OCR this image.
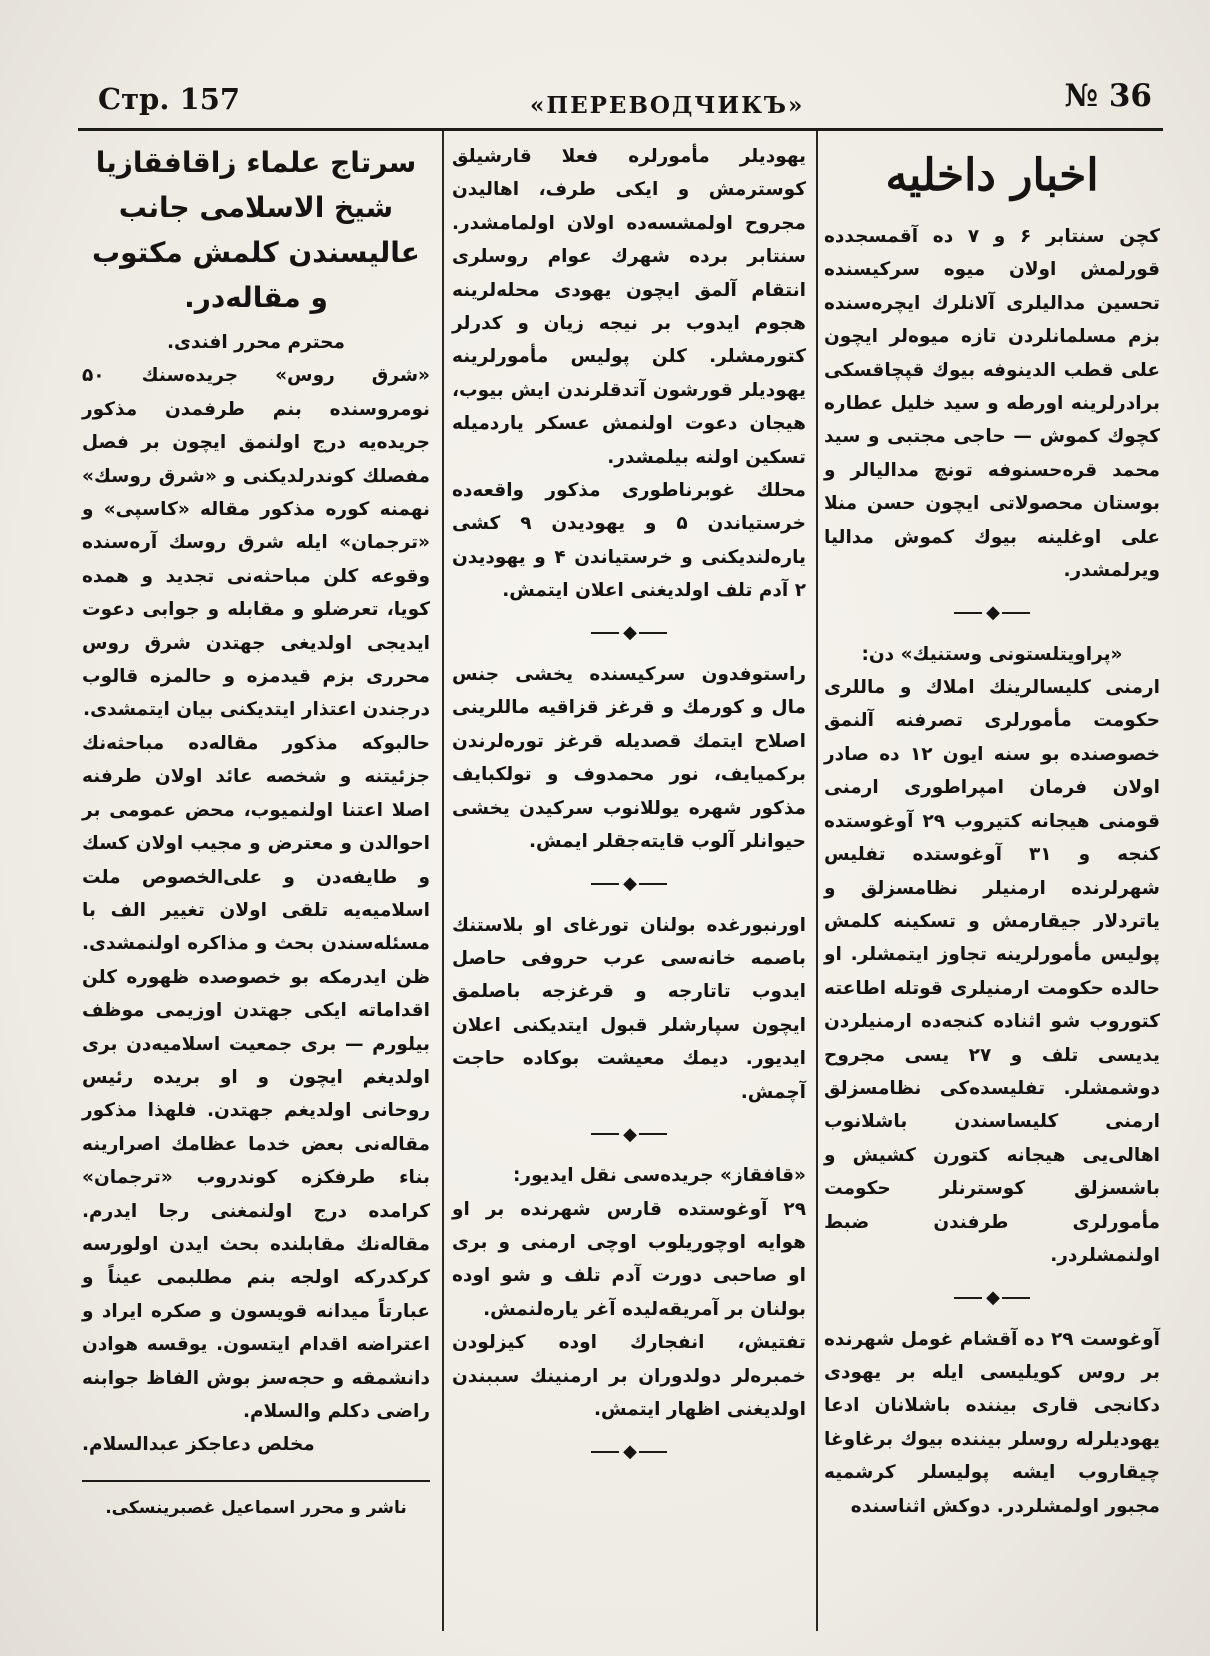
Стр. 157	«ПЕРЕВОДЧИКЪ»	№ 36

سرتاج علماء زاقافقازیا شیخ الاسلامی جانب عالیسندن کلمش مکتوب و مقاله‌در.

محترم محرر افندی.

«شرق روس» جریده‌سنك ۵۰ نومروسنده بنم طرفمدن مذکور جریده‌یه درج اولنمق ایچون بر فصل مفصلك کوندرلدیکنی و «شرق روسك» نهمنه کوره مذکور مقاله «کاسپی» و «ترجمان» ایله شرق روسك آره‌سنده وقوعه کلن مباحثه‌نی تجدید و همده کویا، تعرضلو و مقابله و جوابی دعوت ایدیجی اولدیغی جهتدن شرق روس محرری بزم قیدمزه و حالمزه قالوب درجندن اعتذار ایتدیکنی بیان ایتمشدی.

حالبوکه مذکور مقاله‌ده مباحثه‌نك جزئیتنه و شخصه عائد اولان طرفنه اصلا اعتنا اولنمیوب، محض عمومی بر احوالدن و معترض و مجیب اولان کسك و طایفه‌دن و علی‌الخصوص ملت اسلامیه‌یه تلقی اولان تغییر الف با مسئله‌سندن بحث و مذاکره اولنمشدی. ظن ایدرمکه بو خصوصده ظهوره کلن اقداماته ایکی جهتدن اوزیمی موظف بیلورم — بری جمعیت اسلامیه‌دن بری اولدیغم ایچون و او بریده رئیس روحانی اولدیغم جهتدن. فلهذا مذکور مقاله‌نی بعض خدما عظامك اصرارینه بناء طرفکزه کوندروب «ترجمان» کرامده درج اولنمغنی رجا ایدرم. مقاله‌نك مقابلنده بحث ایدن اولورسه کرکدرکه اولجه بنم مطلبمی عیناً و عبارتاً میدانه قویسون و صکره ایراد و اعتراضه اقدام ایتسون. یوقسه هوادن دانشمقه و حجه‌سز بوش الفاظ جوابنه راضی دکلم والسلام.

مخلص دعاجکز عبدالسلام.

ناشر و محرر اسماعیل غصبرینسکی.

یهودیلر مأمورلره فعلا قارشیلق کوسترمش و ایکی طرف، اهالیدن مجروح اولمشسه‌ده اولان اولمامشدر. سنتابر برده شهرك عوام روسلری انتقام آلمق ایچون یهودی محله‌لرینه هجوم ایدوب بر نیجه زیان و کدرلر کتورمشلر. کلن پولیس مأمورلرینه یهودیلر قورشون آتدقلرندن ایش بیوب، هیجان دعوت اولنمش عسکر یاردمیله تسکین اولنه بیلمشدر.

محلك غوبرناطوری مذکور واقعه‌ده خرستیاندن ۵ و یهودیدن ۹ کشی یارەلندیکنی و خرستیاندن ۴ و یهودیدن ۲ آدم تلف اولدیغنی اعلان ایتمش.

◆

راستوفدون سرکیسنده یخشی جنس مال و کورمك و قرغز قزاقیه ماللرینی اصلاح ایتمك قصدیله قرغز تورەلرندن برکمیایف، نور محمدوف و تولکبایف مذکور شهره یوللانوب سرکیدن یخشی حیوانلر آلوب قایته‌جقلر ایمش.

◆

اورنبورغده بولنان تورغای او بلاستنك باصمه خانه‌سی عرب حروفی حاصل ایدوب تاتارجه و قرغزجه باصلمق ایچون سپارشلر قبول ایتدیکنی اعلان ایدیور. دیمك معیشت بوکاده حاجت آچمش.

◆

«قافقاز» جریده‌سی نقل ایدیور:

۲۹ آوغوستده قارس شهرنده بر او هوایه اوچوریلوب اوچی ارمنی و بری او صاحبی دورت آدم تلف و شو اوده بولنان بر آمریقه‌لیده آغر یارەلنمش.

تفتیش، انفجارك اوده کیزلودن خمبرەلر دولدوران بر ارمنینك سببندن اولدیغنی اظهار ایتمش.

◆

اخبار داخلیه

کچن سنتابر ۶ و ۷ ده آقمسجدده قورلمش اولان میوه سرکیسنده تحسین مدالیلری آلانلرك ایچرەسنده بزم مسلمانلردن تازه میوەلر ایچون علی قطب الدینوفه بیوك قپچاقسکی برادرلرینه اورطه و سید خلیل عطاره کچوك کموش — حاجی مجتبی و سید محمد قره‌حسنوفه تونچ مدالیالر و بوستان محصولاتی ایچون حسن منلا علی اوغلینه بیوك کموش مدالیا ویرلمشدر.

◆

«پراویتلستونی وستنیك» دن:

ارمنی کلیسالرینك املاك و ماللری حکومت مأمورلری تصرفنه آلنمق خصوصنده بو سنه ایون ۱۲ ده صادر اولان فرمان امپراطوری ارمنی قومنی هیجانه کتیروب ۲۹ آوغوستده کنجه و ۳۱ آوغوستده تفلیس شهرلرنده ارمنیلر نظامسزلق و یاتردلار جیقارمش و تسکینه کلمش پولیس مأمورلرینه تجاوز ایتمشلر. او حالده حکومت ارمنیلری قوتله اطاعته کتوروب شو اثناده کنجه‌ده ارمنیلردن یدیسی تلف و ۲۷ یسی مجروح دوشمشلر. تفلیسده‌کی نظامسزلق ارمنی کلیساسندن باشلانوب اهالی‌یی هیجانه کتورن کشیش و باشسزلق کوسترنلر حکومت مأمورلری طرفندن ضبط اولنمشلردر.

◆

آوغوست ۲۹ ده آقشام غومل شهرنده بر روس کویلیسی ایله بر یهودی دکانجی قاری بیننده باشلانان ادعا یهودیلرله روسلر بیننده بیوك برغاوغا چیقاروب ایشه پولیسلر کرشمیه مجبور اولمشلردر. دوکش اثناسنده
